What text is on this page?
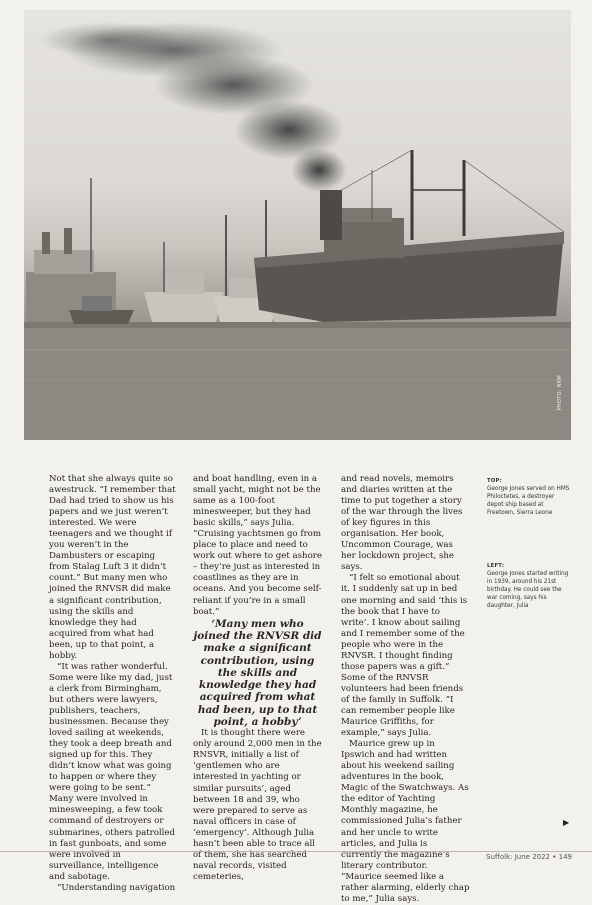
PHOTO: NRM

Not that she always quite so awestruck. “I remember that Dad had tried to show us his papers and we just weren’t interested. We were teenagers and we thought if you weren’t in the Dambusters or escaping from Stalag Luft 3 it didn’t count.” But many men who joined the RNVSR did make a significant contribution, using the skills and knowledge they had acquired from what had been, up to that point, a hobby.

“It was rather wonderful. Some were like my dad, just a clerk from Birmingham, but others were lawyers, publishers, teachers, businessmen. Because they loved sailing at weekends, they took a deep breath and signed up for this. They didn’t know what was going to happen or where they were going to be sent.” Many were involved in minesweeping, a few took command of destroyers or submarines, others patrolled in fast gunboats, and some were involved in surveillance, intelligence and sabotage.

“Understanding navigation

and boat handling, even in a small yacht, might not be the same as a 100-foot minesweeper, but they had basic skills,” says Julia. “Cruising yachtsmen go from place to place and need to work out where to get ashore – they’re just as interested in coastlines as they are in oceans. And you become self-reliant if you’re in a small boat.”

‘Many men who joined the RNVSR did make a significant contribution, using the skills and knowledge they had acquired from what had been, up to that point, a hobby’

It is thought there were only around 2,000 men in the RNSVR, initially a list of ‘gentlemen who are interested in yachting or similar pursuits’, aged between 18 and 39, who were prepared to serve as naval officers in case of ‘emergency’. Although Julia hasn’t been able to trace all of them, she has searched naval records, visited cemeteries,

and read novels, memoirs and diaries written at the time to put together a story of the war through the lives of key figures in this organisation. Her book, Uncommon Courage, was her lockdown project, she says.

“I felt so emotional about it. I suddenly sat up in bed one morning and said ‘this is the book that I have to write’. I know about sailing and I remember some of the people who were in the RNVSR. I thought finding those papers was a gift.” Some of the RNVSR volunteers had been friends of the family in Suffolk. “I can remember people like Maurice Griffiths, for example,” says Julia.

Maurice grew up in Ipswich and had written about his weekend sailing adventures in the book, Magic of the Swatchways. As the editor of Yachting Monthly magazine, he commissioned Julia’s father and her uncle to write articles, and Julia is currently the magazine’s literary contributor. “Maurice seemed like a rather alarming, elderly chap to me,” Julia says.

TOP:
George Jones served on HMS Philoctetes, a destroyer depot ship based at Freetown, Sierra Leone
LEFT:
George Jones started writing in 1939, around his 21st birthday. He could see the war coming, says his daughter, Julia
▶
Suffolk: June 2022 • 149
